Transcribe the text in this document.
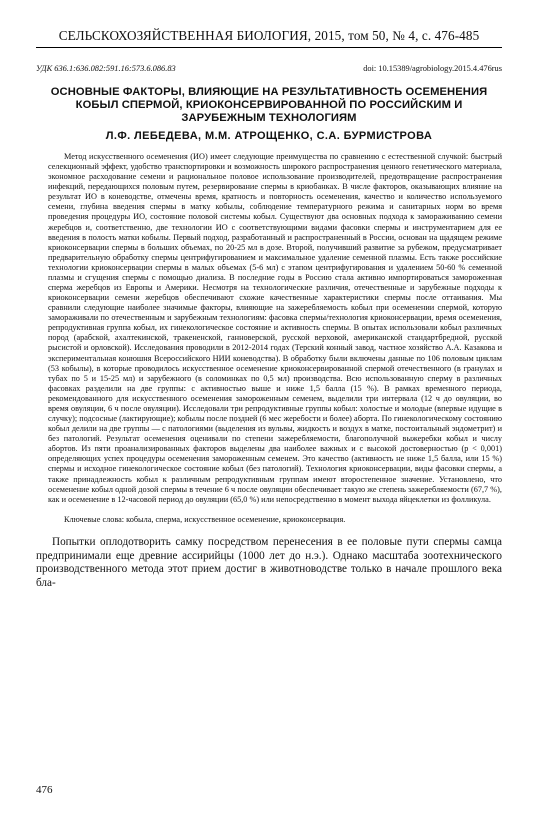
СЕЛЬСКОХОЗЯЙСТВЕННАЯ БИОЛОГИЯ, 2015, том 50, № 4, с. 476-485
УДК 636.1:636.082:591.16:573.6.086.83	doi: 10.15389/agrobiology.2015.4.476rus
ОСНОВНЫЕ ФАКТОРЫ, ВЛИЯЮЩИЕ НА РЕЗУЛЬТАТИВНОСТЬ ОСЕМЕНЕНИЯ КОБЫЛ СПЕРМОЙ, КРИОКОНСЕРВИРОВАННОЙ ПО РОССИЙСКИМ И ЗАРУБЕЖНЫМ ТЕХНОЛОГИЯМ
Л.Ф. ЛЕБЕДЕВА, М.М. АТРОЩЕНКО, С.А. БУРМИСТРОВА

Метод искусственного осеменения (ИО) имеет следующие преимущества по сравнению с естественной случкой: быстрый селекционный эффект, удобство транспортировки и возможность широкого распространения ценного генетического материала, экономное расходование семени и рациональное половое использование производителей, предотвращение распространения инфекций, передающихся половым путем, резервирование спермы в криобанках. В числе факторов, оказывающих влияние на результат ИО в коневодстве, отмечены время, кратность и повторность осеменения, качество и количество используемого семени, глубина введения спермы в матку кобылы, соблюдение температурного режима и санитарных норм во время проведения процедуры ИО, состояние половой системы кобыл. Существуют два основных подхода к замораживанию семени жеребцов и, соответственно, две технологии ИО с соответствующими видами фасовки спермы и инструментарием для ее введения в полость матки кобылы. Первый подход, разработанный и распространенный в России, основан на щадящем режиме криоконсервации спермы в больших объемах, по 20-25 мл в дозе. Второй, получивший развитие за рубежом, предусматривает предварительную обработку спермы центрифугированием и максимальное удаление семенной плазмы. Есть также российские технологии криоконсервации спермы в малых объемах (5-6 мл) с этапом центрифугирования и удалением 50-60 % семенной плазмы и сгущения спермы с помощью диализа. В последние годы в Россию стала активно импортироваться замороженная сперма жеребцов из Европы и Америки. Несмотря на технологические различия, отечественные и зарубежные подходы к криоконсервации семени жеребцов обеспечивают схожие качественные характеристики спермы после оттаивания. Мы сравнили следующие наиболее значимые факторы, влияющие на зажеребляемость кобыл при осеменении спермой, которую замораживали по отечественным и зарубежным технологиям: фасовка спермы/технология криоконсервации, время осеменения, репродуктивная группа кобыл, их гинекологическое состояние и активность спермы. В опытах использовали кобыл различных пород (арабской, ахалтекинской, тракененской, ганноверской, русской верховой, американской стандартбредной, русской рысистой и орловской). Исследования проводили в 2012-2014 годах (Терский конный завод, частное хозяйство А.А. Казакова и экспериментальная конюшня Всероссийского НИИ коневодства). В обработку были включены данные по 106 половым циклам (53 кобылы), в которые проводилось искусственное осеменение криоконсервированной спермой отечественного (в гранулах и тубах по 5 и 15-25 мл) и зарубежного (в соломинках по 0,5 мл) производства. Всю использованную сперму в различных фасовках разделили на две группы: с активностью выше и ниже 1,5 балла (15 %). В рамках временного периода, рекомендованного для искусственного осеменения замороженным семенем, выделили три интервала (12 ч до овуляции, во время овуляции, 6 ч после овуляции). Исследовали три репродуктивные группы кобыл: холостые и молодые (впервые идущие в случку); подсосные (лактирующие); кобылы после поздней (6 мес жеребости и более) аборта. По гинекологическому состоянию кобыл делили на две группы — с патологиями (выделения из вульвы, жидкость и воздух в матке, постоитальный эндометрит) и без патологий. Результат осеменения оценивали по степени зажеребляемости, благополучной выжеребки кобыл и числу абортов. Из пяти проанализированных факторов выделены два наиболее важных и с высокой достоверностью (р < 0,001) определяющих успех процедуры осеменения замороженным семенем. Это качество (активность не ниже 1,5 балла, или 15 %) спермы и исходное гинекологическое состояние кобыл (без патологий). Технология криоконсервации, виды фасовки спермы, а также принадлежность кобыл к различным репродуктивным группам имеют второстепенное значение. Установлено, что осеменение кобыл одной дозой спермы в течение 6 ч после овуляции обеспечивает такую же степень зажеребляемости (67,7 %), как и осеменение в 12-часовой период до овуляции (65,0 %) или непосредственно в момент выхода яйцеклетки из фолликула.

Ключевые слова: кобыла, сперма, искусственное осеменение, криоконсервация.

Попытки оплодотворить самку посредством перенесения в ее половые пути спермы самца предпринимали еще древние ассирийцы (1000 лет до н.э.). Однако масштаба зоотехнического производственного метода этот прием достиг в животноводстве только в начале прошлого века бла-

476
